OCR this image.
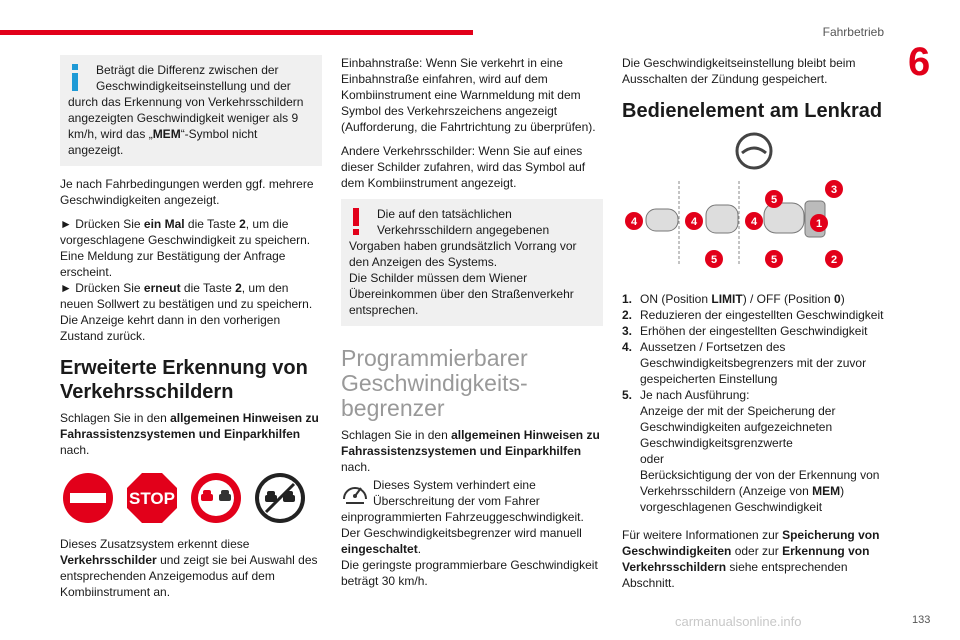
Fahrbetrieb
6

Beträgt die Differenz zwischen der Geschwindigkeitseinstellung und der durch das Erkennung von Verkehrsschildern angezeigten Geschwindigkeit weniger als 9 km/h, wird das „MEM“-Symbol nicht angezeigt.

Je nach Fahrbedingungen werden ggf. mehrere Geschwindigkeiten angezeigt.

► Drücken Sie ein Mal die Taste 2, um die vorgeschlagene Geschwindigkeit zu speichern.

Eine Meldung zur Bestätigung der Anfrage erscheint.

► Drücken Sie erneut die Taste 2, um den neuen Sollwert zu bestätigen und zu speichern.

Die Anzeige kehrt dann in den vorherigen Zustand zurück.

Erweiterte Erkennung von Verkehrsschildern

Schlagen Sie in den allgemeinen Hinweisen zu Fahrassistenzsystemen und Einparkhilfen nach.

STOP

Dieses Zusatzsystem erkennt diese Verkehrsschilder und zeigt sie bei Auswahl des entsprechenden Anzeigemodus auf dem Kombiinstrument an.

Einbahnstraße: Wenn Sie verkehrt in eine Einbahnstraße einfahren, wird auf dem Kombiinstrument eine Warnmeldung mit dem Symbol des Verkehrszeichens angezeigt (Aufforderung, die Fahrtrichtung zu überprüfen).

Andere Verkehrsschilder: Wenn Sie auf eines dieser Schilder zufahren, wird das Symbol auf dem Kombiinstrument angezeigt.

Die auf den tatsächlichen Verkehrsschildern angegebenen Vorgaben haben grundsätzlich Vorrang vor den Anzeigen des Systems.

Die Schilder müssen dem Wiener Übereinkommen über den Straßenverkehr entsprechen.

Programmierbarer Geschwindigkeits-begrenzer

Schlagen Sie in den allgemeinen Hinweisen zu Fahrassistenzsystemen und Einparkhilfen nach.

Dieses System verhindert eine Überschreitung der vom Fahrer einprogrammierten Fahrzeuggeschwindigkeit.

Der Geschwindigkeitsbegrenzer wird manuell eingeschaltet.

Die geringste programmierbare Geschwindigkeit beträgt 30 km/h.

Die Geschwindigkeitseinstellung bleibt beim Ausschalten der Zündung gespeichert.

Bedienelement am Lenkrad
4	4	4
5	5
5
3
1
2
1. ON (Position LIMIT) / OFF (Position 0)
2. Reduzieren der eingestellten Geschwindigkeit
3. Erhöhen der eingestellten Geschwindigkeit
4. Aussetzen / Fortsetzen des Geschwindigkeitsbegrenzers mit der zuvor gespeicherten Einstellung
5. Je nach Ausführung:
Anzeige der mit der Speicherung der Geschwindigkeiten aufgezeichneten Geschwindigkeitsgrenzwerte
oder
Berücksichtigung der von der Erkennung von Verkehrsschildern (Anzeige von MEM) vorgeschlagenen Geschwindigkeit

Für weitere Informationen zur Speicherung von Geschwindigkeiten oder zur Erkennung von Verkehrsschildern siehe entsprechenden Abschnitt.

carmanualsonline.info	133
